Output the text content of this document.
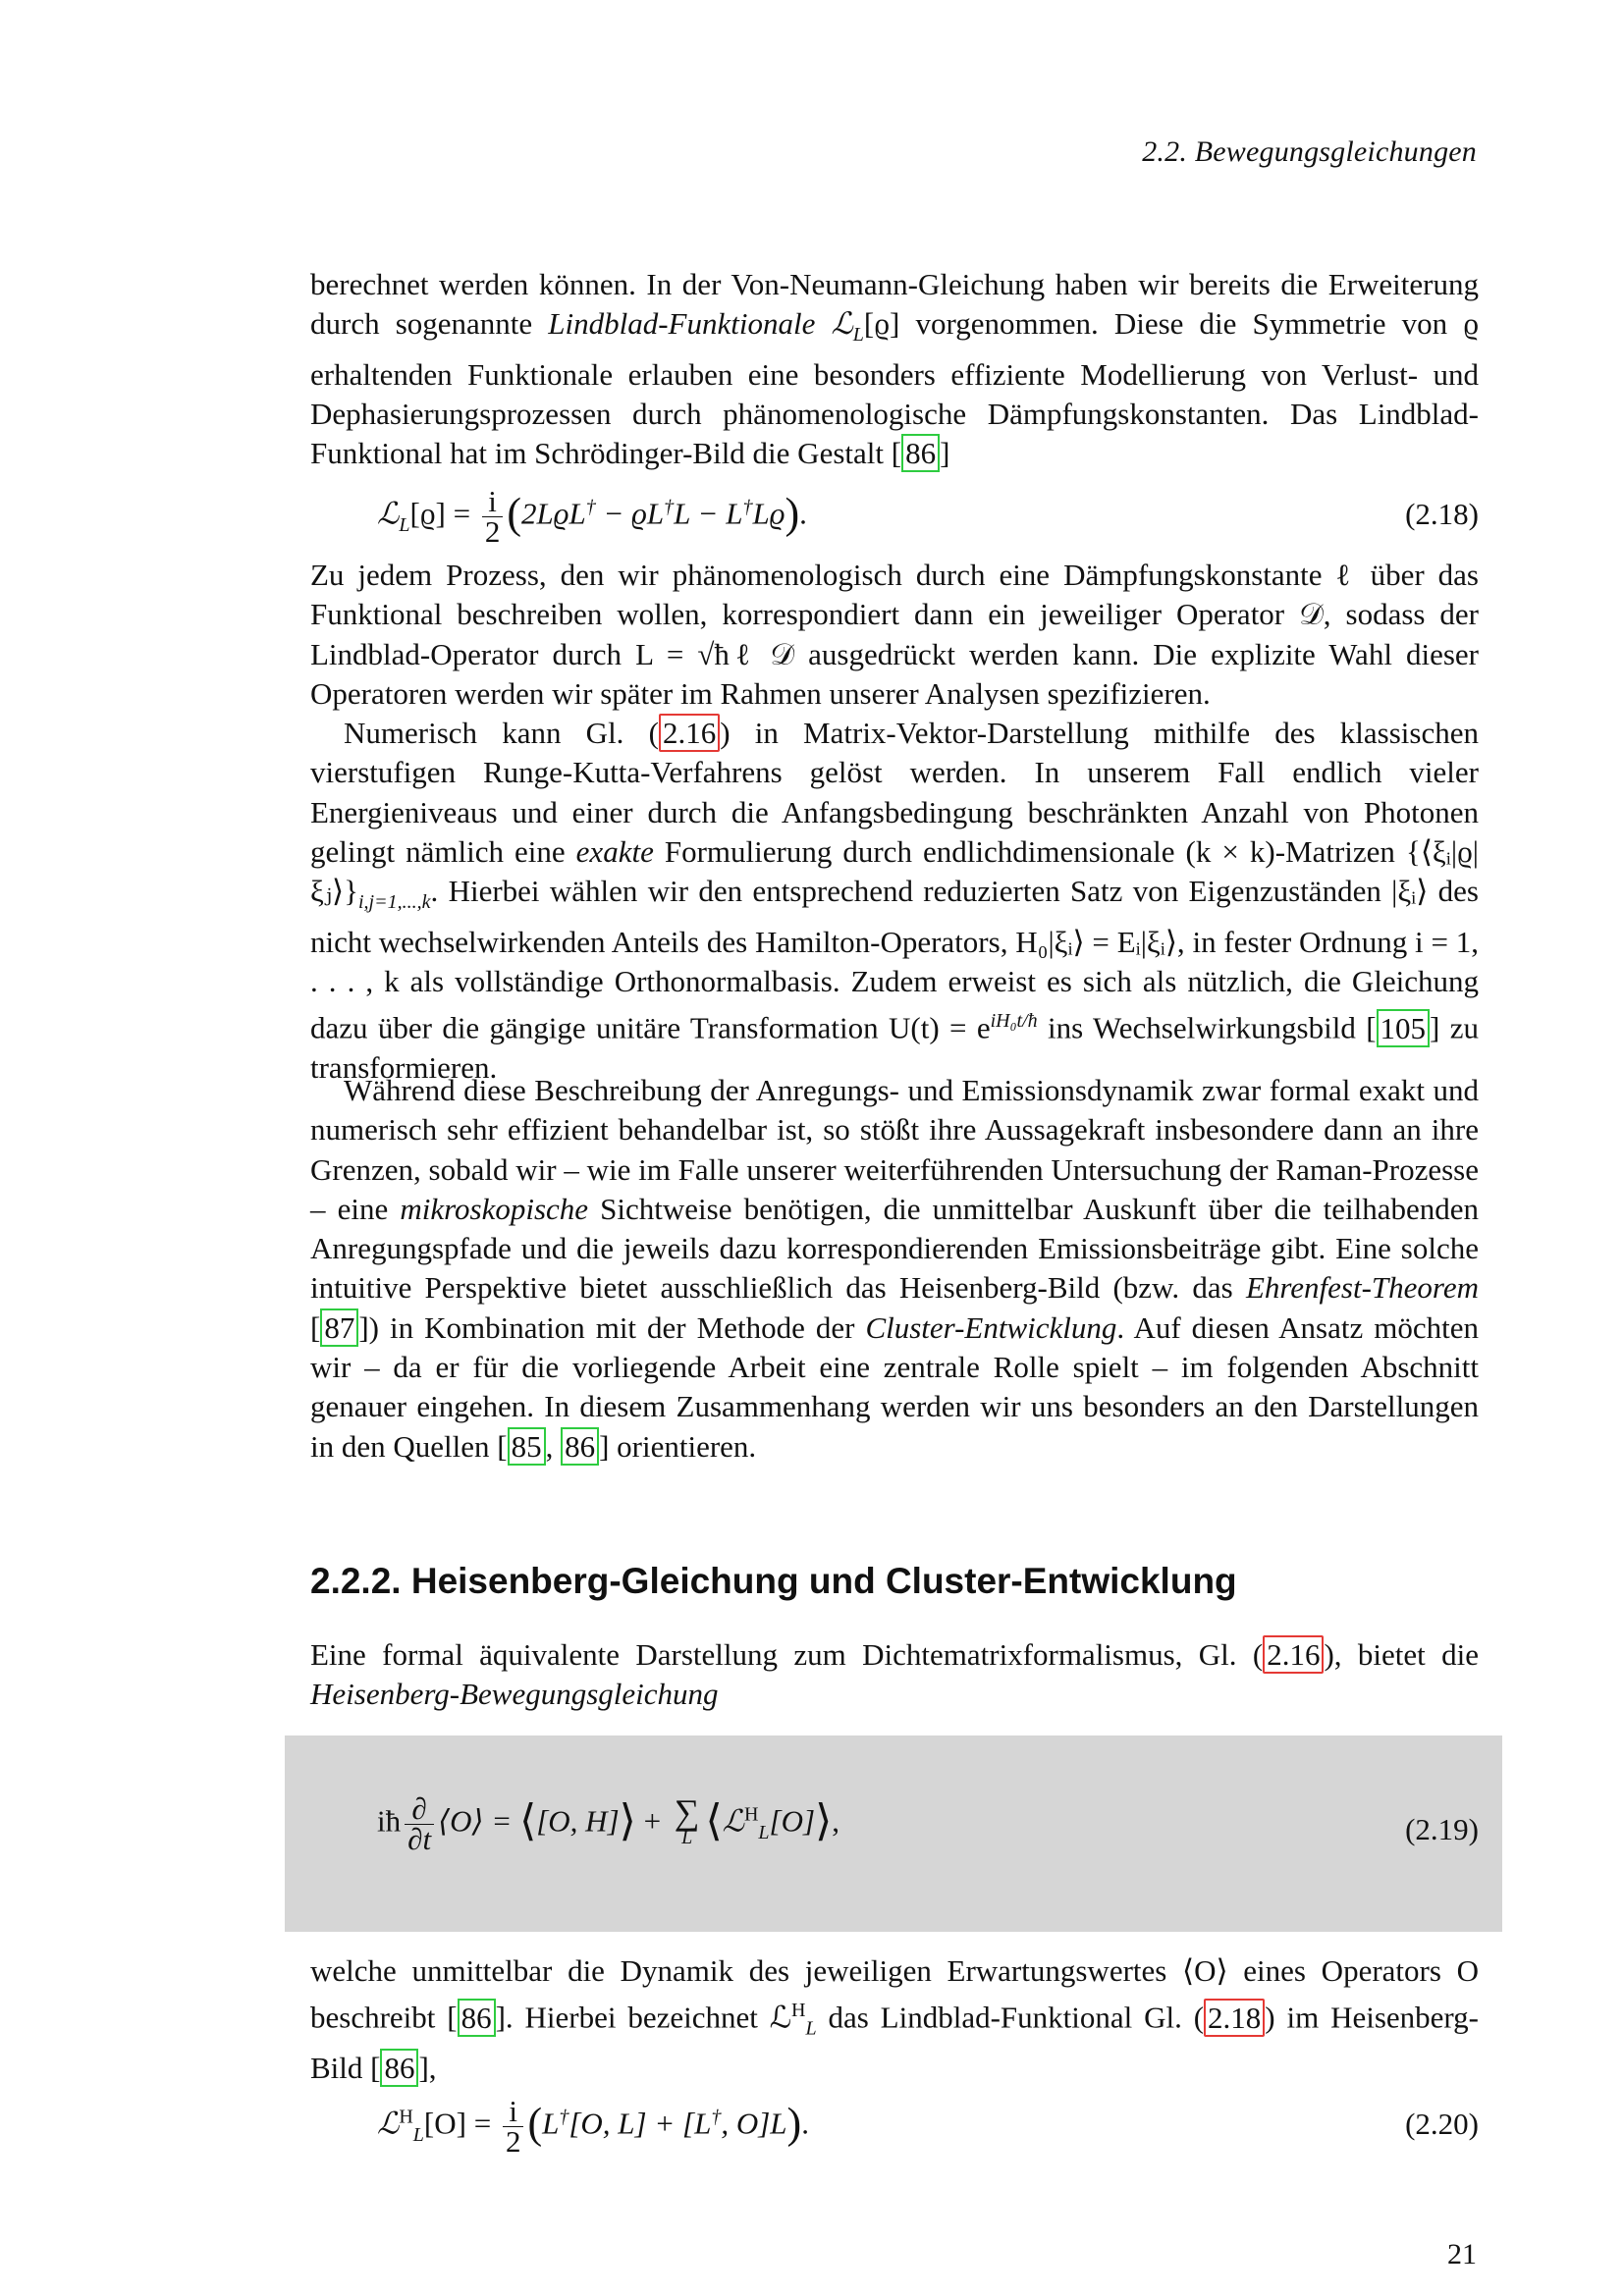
2.2. Bewegungsgleichungen

berechnet werden können. In der Von-Neumann-Gleichung haben wir bereits die Erweiterung durch sogenannte Lindblad-Funktionale ℒ$_L$[ϱ] vorgenommen. Diese die Symmetrie von ϱ erhaltenden Funktionale erlauben eine besonders effiziente Modellierung von Verlust- und Dephasierungsprozessen durch phänomenologische Dämpfungskonstanten. Das Lindblad-Funktional hat im Schrödinger-Bild die Gestalt [ 86 ]

ℒ$_L$[ϱ] = $\frac{i}{2} (2LϱL^\dagger - ϱL^\dagger L - L^\dagger Lϱ)$.	(2.18)

Zu jedem Prozess, den wir phänomenologisch durch eine Dämpfungskonstante ℓ über das Funktional beschreiben wollen, korrespondiert dann ein jeweiliger Operator 𝒟, sodass der Lindblad-Operator durch L = √ħℓ 𝒟 ausgedrückt werden kann. Die explizite Wahl dieser Operatoren werden wir später im Rahmen unserer Analysen spezifizieren.

Numerisch kann Gl. ( 2.16 ) in Matrix-Vektor-Darstellung mithilfe des klassischen vierstufigen Runge-Kutta-Verfahrens gelöst werden. In unserem Fall endlich vieler Energieniveaus und einer durch die Anfangsbedingung beschränkten Anzahl von Photonen gelingt nämlich eine exakte Formulierung durch endlichdimensionale (k × k)-Matrizen $\{⟨\xi ᵢ|ϱ|\xi ⱼ⟩\}_{i,j=1,...,k}$. Hierbei wählen wir den entsprechend reduzierten Satz von Eigenzuständen |ξᵢ⟩ des nicht wechselwirkenden Anteils des Hamilton-Operators, H₀|ξᵢ⟩ = Eᵢ|ξᵢ⟩, in fester Ordnung i = 1, . . . , k als vollständige Orthonormalbasis. Zudem erweist es sich als nützlich, die Gleichung dazu über die gängige unitäre Transformation $U(t) = e^{iH_0t/ħ}$ ins Wechselwirkungsbild [ 105 ] zu transformieren.

Während diese Beschreibung der Anregungs- und Emissionsdynamik zwar formal exakt und numerisch sehr effizient behandelbar ist, so stößt ihre Aussagekraft insbesondere dann an ihre Grenzen, sobald wir – wie im Falle unserer weiterführenden Untersuchung der Raman-Prozesse – eine mikroskopische Sichtweise benötigen, die unmittelbar Auskunft über die teilhabenden Anregungspfade und die jeweils dazu korrespondierenden Emissionsbeiträge gibt. Eine solche intuitive Perspektive bietet ausschließlich das Heisenberg-Bild (bzw. das Ehrenfest-Theorem [ 87 ]) in Kombination mit der Methode der Cluster-Entwicklung. Auf diesen Ansatz möchten wir – da er für die vorliegende Arbeit eine zentrale Rolle spielt – im folgenden Abschnitt genauer eingehen. In diesem Zusammenhang werden wir uns besonders an den Darstellungen in den Quellen [ 85 , 86 ] orientieren.

2.2.2. Heisenberg-Gleichung und Cluster-Entwicklung

Eine formal äquivalente Darstellung zum Dichtematrixformalismus, Gl. ( 2.16 ), bietet die Heisenberg-Bewegungsgleichung

iħ $\frac{\partial}{\partial t}$ ⟨O⟩ = ⟨[O, H]⟩ + ∑
L ⟨ℒ$^H_L$[O]⟩,	(2.19)

welche unmittelbar die Dynamik des jeweiligen Erwartungswertes ⟨O⟩ eines Operators O beschreibt [ 86 ]. Hierbei bezeichnet ℒ$^H_L$ das Lindblad-Funktional Gl. ( 2.18 ) im Heisenberg-Bild [ 86 ],

ℒ$^H_L$[O] = $\frac{i}{2} (L^\dagger[O$, L] + [L†, O]L).	(2.20)
21
